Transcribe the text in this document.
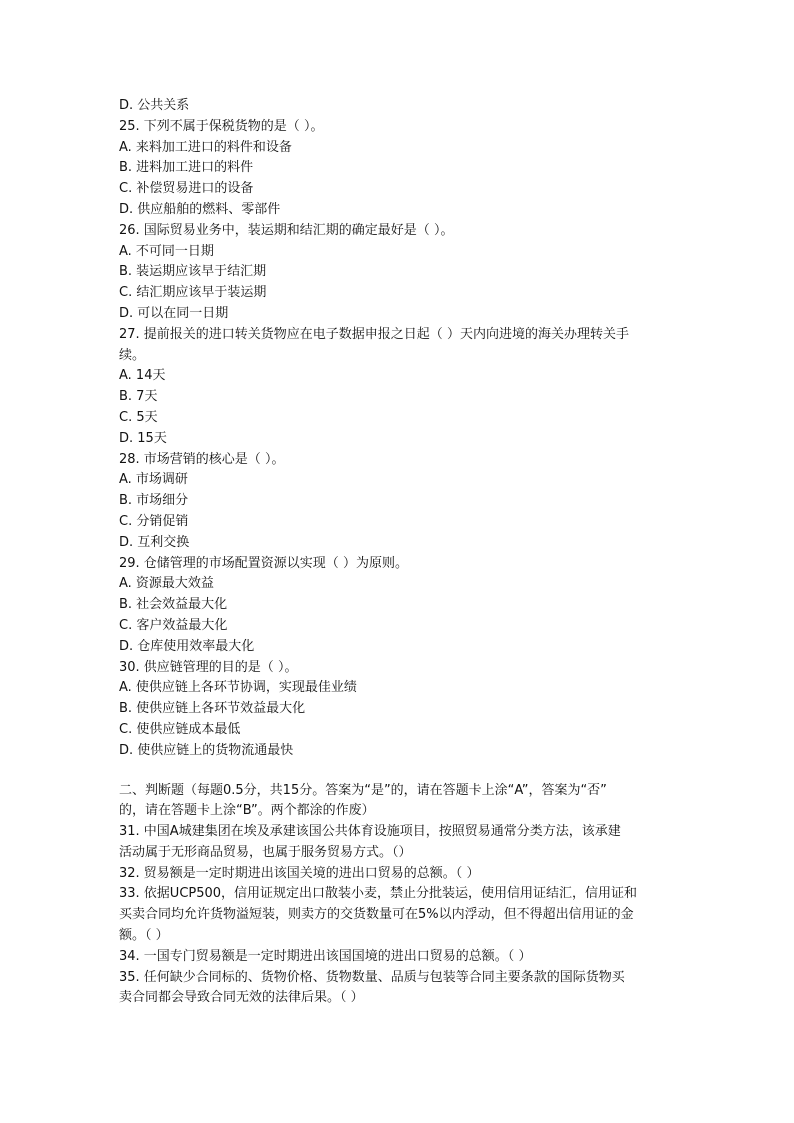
D. 公共关系
25. 下列不属于保税货物的是（ ）。
A. 来料加工进口的料件和设备
B. 进料加工进口的料件
C. 补偿贸易进口的设备
D. 供应船舶的燃料、零部件
26. 国际贸易业务中，装运期和结汇期的确定最好是（ ）。
A. 不可同一日期
B. 装运期应该早于结汇期
C. 结汇期应该早于装运期
D. 可以在同一日期
27. 提前报关的进口转关货物应在电子数据申报之日起（ ）天内向进境的海关办理转关手
续。
A. 14天
B. 7天
C. 5天
D. 15天
28. 市场营销的核心是（ ）。
A. 市场调研
B. 市场细分
C. 分销促销
D. 互利交换
29. 仓储管理的市场配置资源以实现（ ）为原则。
A. 资源最大效益
B. 社会效益最大化
C. 客户效益最大化
D. 仓库使用效率最大化
30. 供应链管理的目的是（ ）。
A. 使供应链上各环节协调，实现最佳业绩
B. 使供应链上各环节效益最大化
C. 使供应链成本最低
D. 使供应链上的货物流通最快
二、判断题（每题0.5分，共15分。答案为“是”的，请在答题卡上涂“A”，答案为“否”
的，请在答题卡上涂“B”。两个都涂的作废）
31. 中国A城建集团在埃及承建该国公共体育设施项目，按照贸易通常分类方法，该承建
活动属于无形商品贸易，也属于服务贸易方式。（）
32. 贸易额是一定时期进出该国关境的进出口贸易的总额。（ ）
33. 依据UCP500，信用证规定出口散装小麦，禁止分批装运，使用信用证结汇，信用证和
买卖合同均允许货物溢短装，则卖方的交货数量可在5%以内浮动，但不得超出信用证的金
额。（ ）
34. 一国专门贸易额是一定时期进出该国国境的进出口贸易的总额。（ ）
35. 任何缺少合同标的、货物价格、货物数量、品质与包装等合同主要条款的国际货物买
卖合同都会导致合同无效的法律后果。（ ）
